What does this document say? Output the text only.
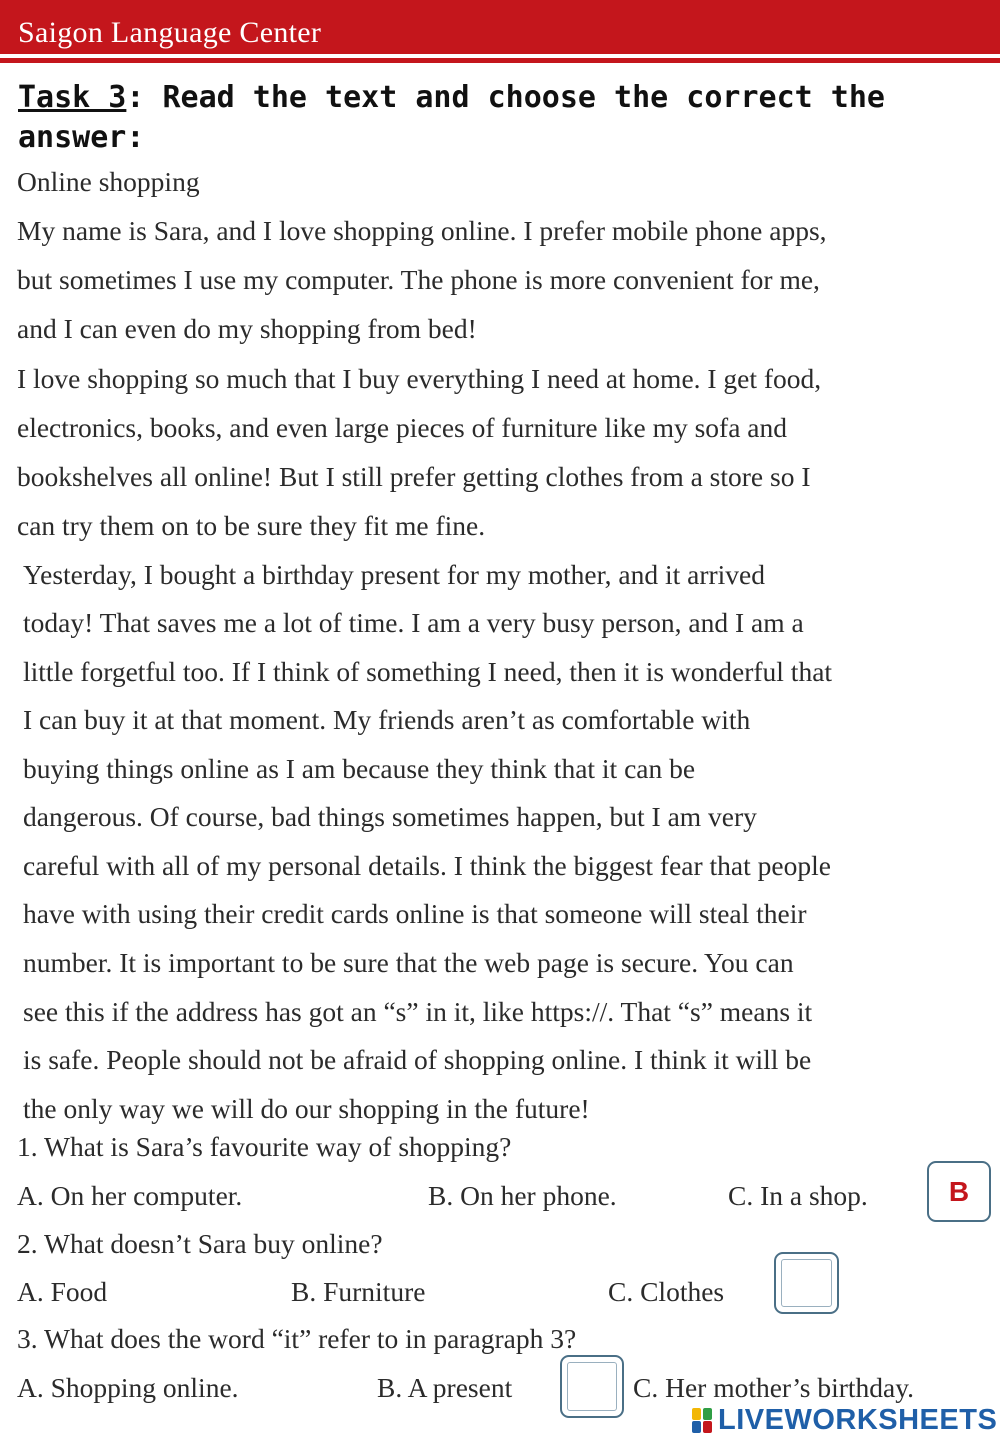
Saigon Language Center
Task 3: Read the text and choose the correct the
answer:
Online shopping
My name is Sara, and I love shopping online. I prefer mobile phone apps,
but sometimes I use my computer. The phone is more convenient for me,
and I can even do my shopping from bed!
I love shopping so much that I buy everything I need at home. I get food,
electronics, books, and even large pieces of furniture like my sofa and
bookshelves all online! But I still prefer getting clothes from a store so I
can try them on to be sure they fit me fine.
Yesterday, I bought a birthday present for my mother, and it arrived
today! That saves me a lot of time. I am a very busy person, and I am a
little forgetful too. If I think of something I need, then it is wonderful that
I can buy it at that moment. My friends aren’t as comfortable with
buying things online as I am because they think that it can be
dangerous. Of course, bad things sometimes happen, but I am very
careful with all of my personal details. I think the biggest fear that people
have with using their credit cards online is that someone will steal their
number. It is important to be sure that the web page is secure. You can
see this if the address has got an “s” in it, like https://. That “s” means it
is safe. People should not be afraid of shopping online. I think it will be
the only way we will do our shopping in the future!
1. What is Sara’s favourite way of shopping?
A. On her computer.	B. On her phone.	C. In a shop.	B
2. What doesn’t Sara buy online?
A. Food	B. Furniture	C. Clothes
3. What does the word “it” refer to in paragraph 3?
A. Shopping online.	B. A present	C. Her mother’s birthday.
LIVEWORKSHEETS
